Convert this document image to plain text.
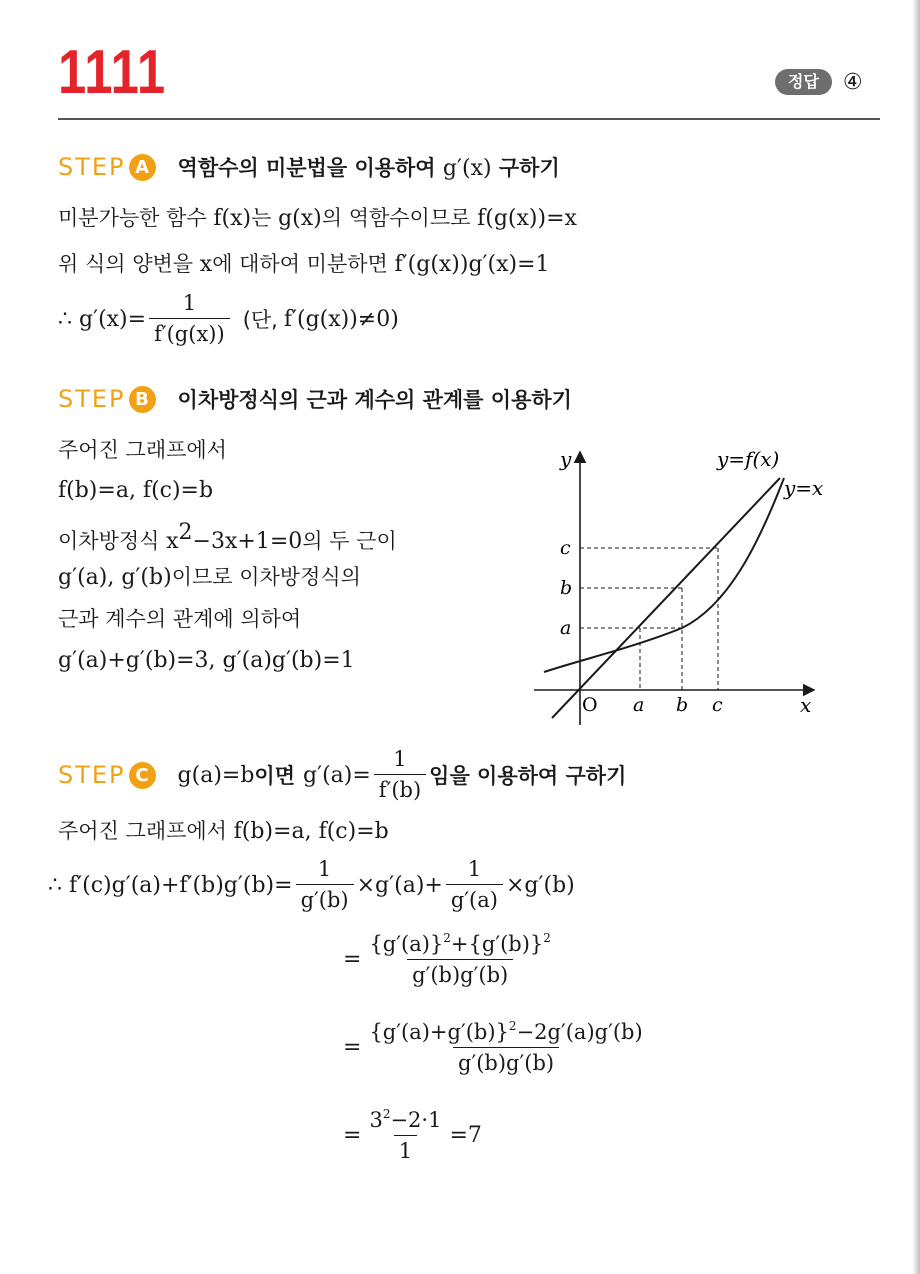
1111	정답	④
STEP A	역함수의 미분법을 이용하여 g′(x) 구하기
미분가능한 함수 f(x)는 g(x)의 역함수이므로 f(g(x))=x
위 식의 양변을 x에 대하여 미분하면 f′(g(x))g′(x)=1
∴ $g'(x)= \frac{1}{f'(g(x))}$ (단, f′(g(x))≠0)
STEP B	이차방정식의 근과 계수의 관계를 이용하기
주어진 그래프에서
f(b)=a, f(c)=b
이차방정식 $x^2-3x+1=0$의 두 근이
g′(a), g′(b)이므로 이차방정식의
근과 계수의 관계에 의하여
g′(a)+g′(b)=3, g′(a)g′(b)=1
y
x
O
y=f(x)
y=x
a b c
a
b
c
STEP C	g(a)=b 이면 $g'(a)= \frac{1}{f'(b)}$ 임을 이용하여 구하기
주어진 그래프에서 f(b)=a, f(c)=b
∴ $f'(c)g'(a)+f'(b)g'(b)= \frac{1}{g'(b)} \times g'(a)+ \frac{1}{g'(a)} \times g'(b)$
= $\frac{\{g'(a)\}^2+\{g'(b)\}^2}{g'(b)g'(b)}$
= $\frac{\{g'(a)+g'(b)\}^2-2g'(a)g'(b)}{g'(b)g'(b)}$
= $\frac{3^2-2\cdot 1}{1} =7$
